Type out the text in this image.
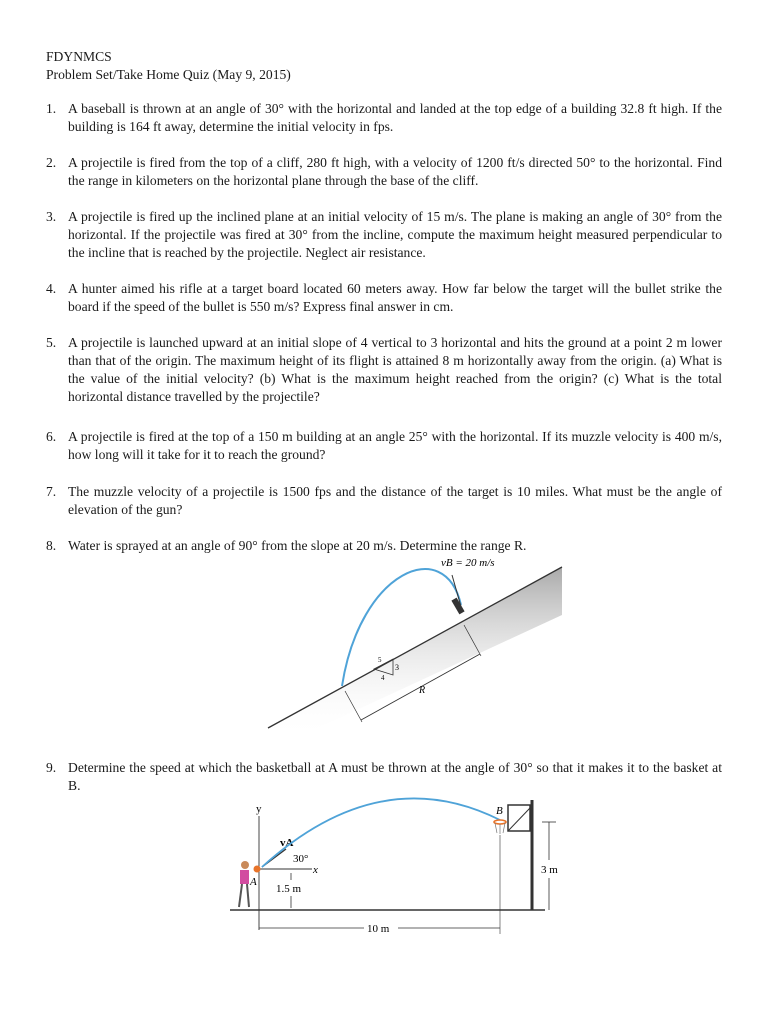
FDYNMCS
Problem Set/Take Home Quiz (May 9, 2015)
1. A baseball is thrown at an angle of 30° with the horizontal and landed at the top edge of a building 32.8 ft high. If the building is 164 ft away, determine the initial velocity in fps.
2. A projectile is fired from the top of a cliff, 280 ft high, with a velocity of 1200 ft/s directed 50° to the horizontal. Find the range in kilometers on the horizontal plane through the base of the cliff.
3. A projectile is fired up the inclined plane at an initial velocity of 15 m/s. The plane is making an angle of 30° from the horizontal. If the projectile was fired at 30° from the incline, compute the maximum height measured perpendicular to the incline that is reached by the projectile. Neglect air resistance.
4. A hunter aimed his rifle at a target board located 60 meters away. How far below the target will the bullet strike the board if the speed of the bullet is 550 m/s? Express final answer in cm.
5. A projectile is launched upward at an initial slope of 4 vertical to 3 horizontal and hits the ground at a point 2 m lower than that of the origin. The maximum height of its flight is attained 8 m horizontally away from the origin. (a) What is the value of the initial velocity? (b) What is the maximum height reached from the origin? (c) What is the total horizontal distance travelled by the projectile?
6. A projectile is fired at the top of a 150 m building at an angle 25° with the horizontal. If its muzzle velocity is 400 m/s, how long will it take for it to reach the ground?
7. The muzzle velocity of a projectile is 1500 fps and the distance of the target is 10 miles. What must be the angle of elevation of the gun?
8. Water is sprayed at an angle of 90° from the slope at 20 m/s. Determine the range R.
3
4
5
R
vB = 20 m/s
9. Determine the speed at which the basketball at A must be thrown at the angle of 30° so that it makes it to the basket at B.
y
x
vA
30°
A
1.5 m
B
3 m
10 m
